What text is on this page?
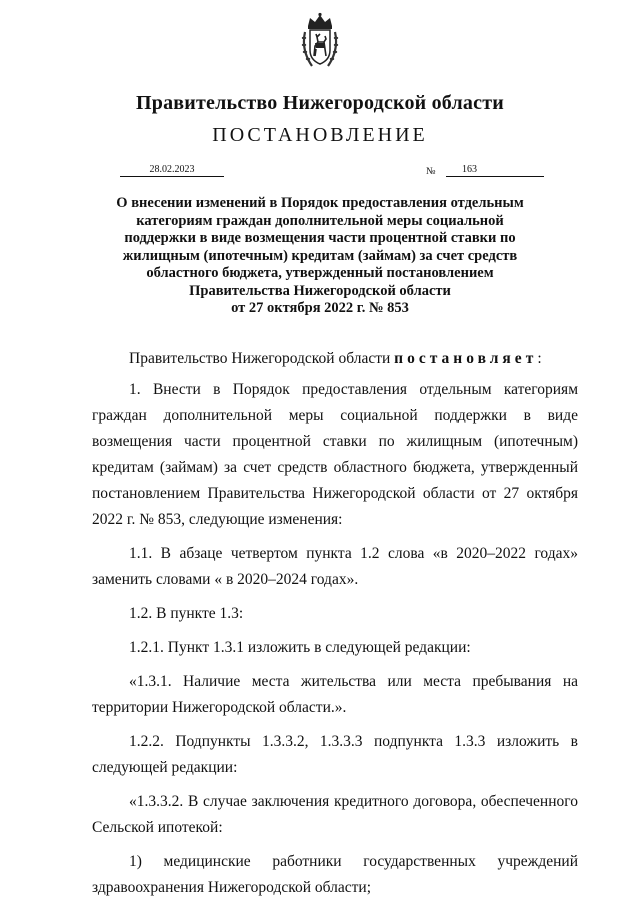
Правительство Нижегородской области
ПОСТАНОВЛЕНИЕ
28.02.2023	№	163
О внесении изменений в Порядок предоставления отдельным
категориям граждан дополнительной меры социальной
поддержки в виде возмещения части процентной ставки по
жилищным (ипотечным) кредитам (займам) за счет средств
областного бюджета, утвержденный постановлением
Правительства Нижегородской области
от 27 октября 2022 г. № 853

Правительство Нижегородской области постановляет:

1. Внести в Порядок предоставления отдельным категориям граждан дополнительной меры социальной поддержки в виде возмещения части процентной ставки по жилищным (ипотечным) кредитам (займам) за счет средств областного бюджета, утвержденный постановлением Правительства Нижегородской области от 27 октября 2022 г. № 853, следующие изменения:

1.1. В абзаце четвертом пункта 1.2 слова «в 2020–2022 годах» заменить словами « в 2020–2024 годах».

1.2. В пункте 1.3:

1.2.1. Пункт 1.3.1 изложить в следующей редакции:

«1.3.1. Наличие места жительства или места пребывания на территории Нижегородской области.».

1.2.2. Подпункты 1.3.3.2, 1.3.3.3 подпункта 1.3.3 изложить в следующей редакции:

«1.3.3.2. В случае заключения кредитного договора, обеспеченного Сельской ипотекой:

1) медицинские работники государственных учреждений здравоохранения Нижегородской области;
